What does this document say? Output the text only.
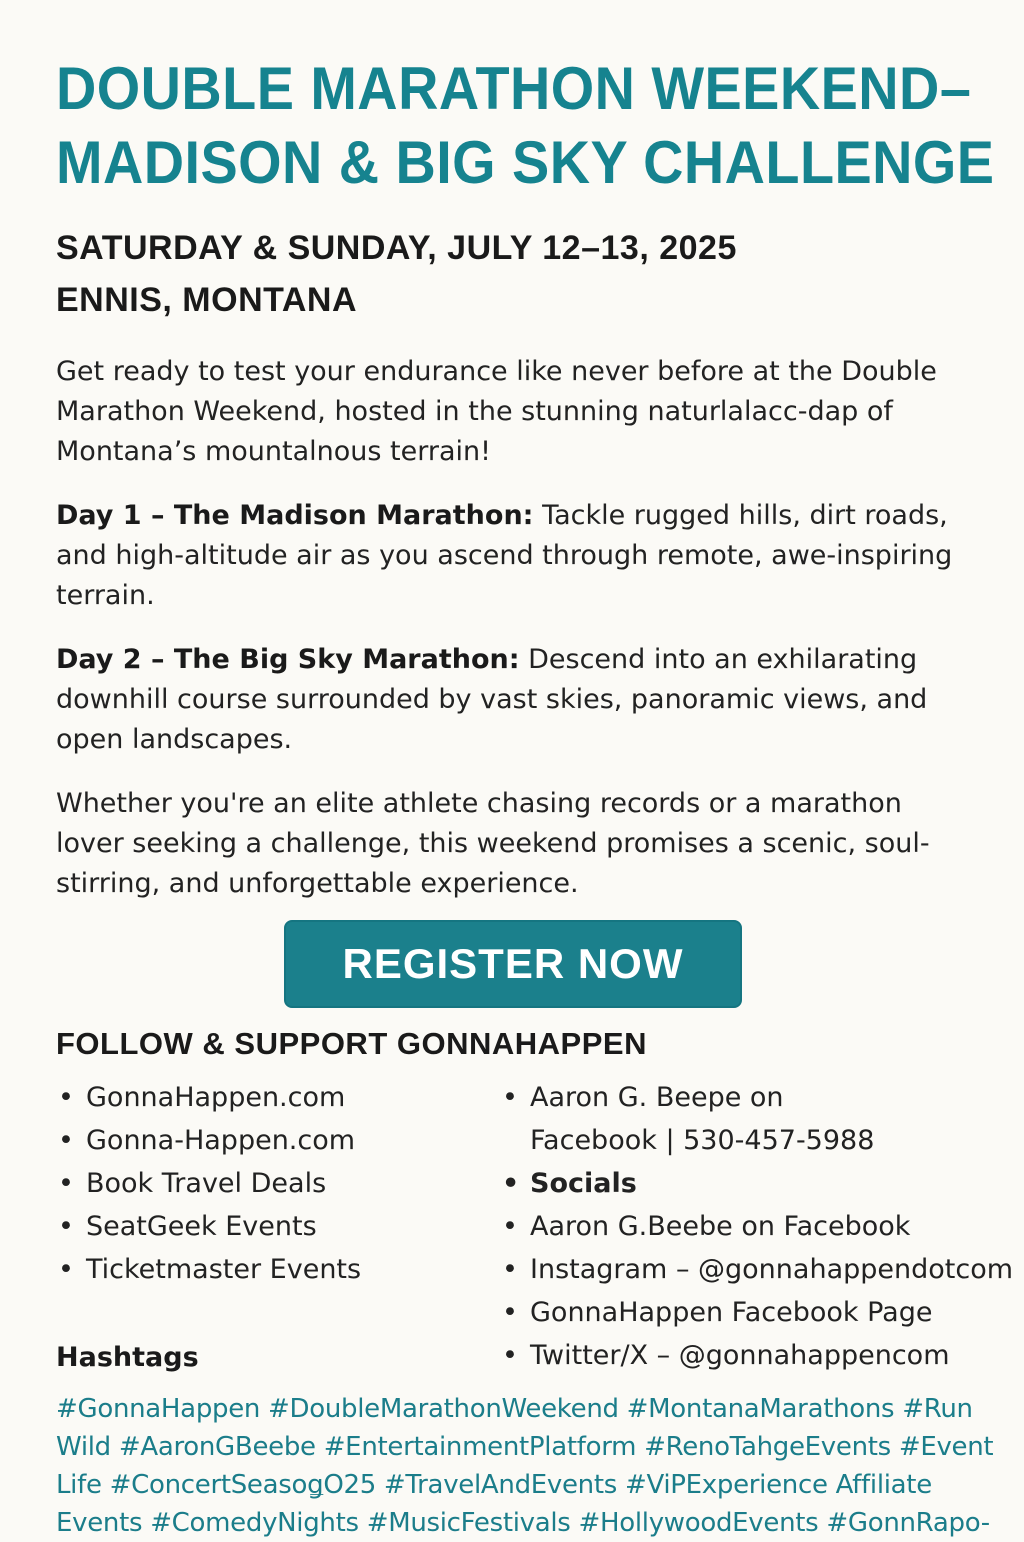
DOUBLE MARATHON WEEKEND–
MADISON & BIG SKY CHALLENGE
SATURDAY & SUNDAY, JULY 12–13, 2025
ENNIS, MONTANA

Get ready to test your endurance like never before at the Double Marathon Weekend, hosted in the stunning naturlalacc-dap of Montana’s mountalnous terrain!

Day 1 – The Madison Marathon: Tackle rugged hills, dirt roads, and high-altitude air as you ascend through remote, awe-inspiring terrain.

Day 2 – The Big Sky Marathon: Descend into an exhilarating downhill course surrounded by vast skies, panoramic views, and open landscapes.

Whether you're an elite athlete chasing records or a marathon lover seeking a challenge, this weekend promises a scenic, soul-stirring, and unforgettable experience.

REGISTER NOW
FOLLOW & SUPPORT GONNAHAPPEN
• GonnaHappen.com
• Gonna-Happen.com
• Book Travel Deals
• SeatGeek Events
• Ticketmaster Events
• Aaron G. Beepe on
Facebook | 530-457-5988
• Socials
• Aaron G.Beebe on Facebook
• Instagram – @gonnahappendotcom
• GonnaHappen Facebook Page
• Twitter/X – @gonnahappencom
Hashtags
#GonnaHappen #DoubleMarathonWeekend #MontanaMarathons #Run Wild #AaronGBeebe #EntertainmentPlatform #RenoTahgeEvents #Event Life #ConcertSeasoǥO25 #TravelAndEvents #ViPExperience Affiliate Events #ComedyNights #MusicFestivals #HollywoodEvents #GonnRapo-
